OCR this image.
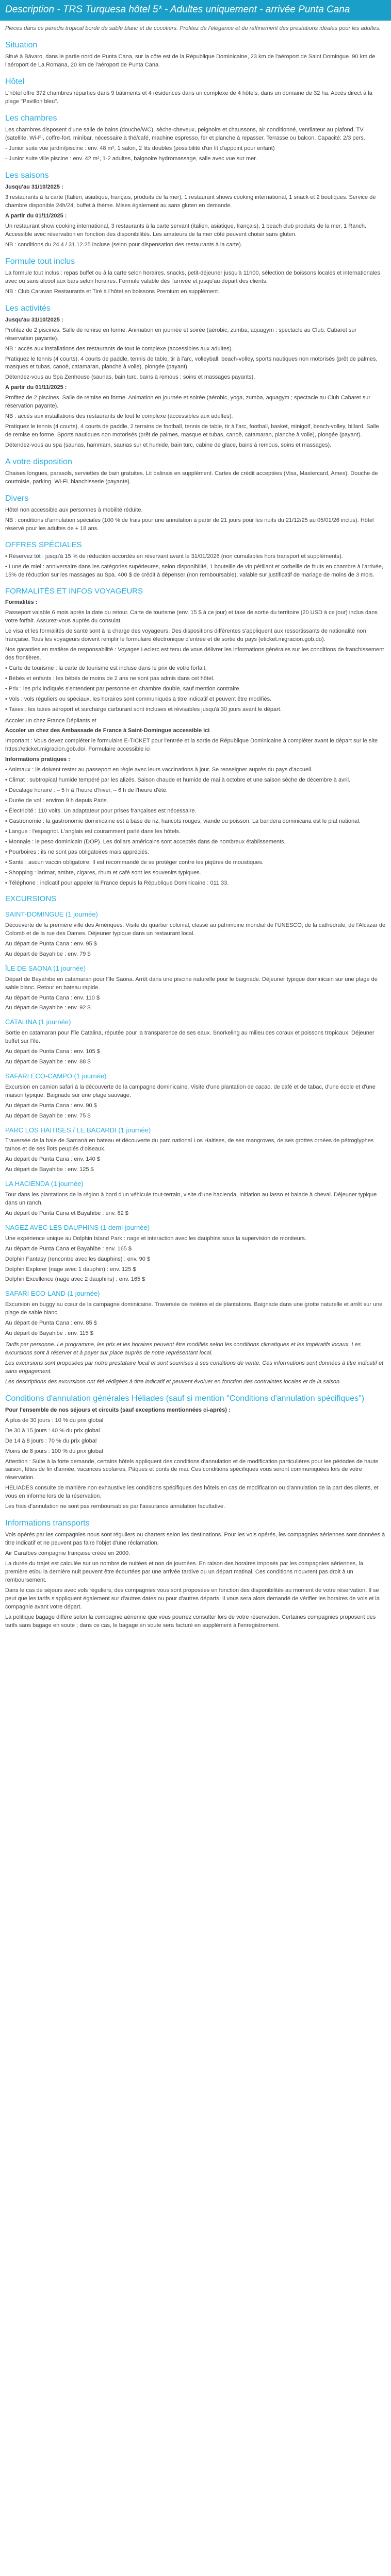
Description - TRS Turquesa hôtel 5* - Adultes uniquement - arrivée Punta Cana

Pièces dans ce paradis tropical bordé de sable blanc et de cocotiers. Profitez de l'élégance et du raffinement des prestations idéales pour les adultes.

Situation

Situé à Bávaro, dans le partie nord de Punta Cana, sur la côte est de la République Dominicaine, 23 km de l'aéroport de Saint Domingue. 90 km de l'aéroport de La Romana, 20 km de l'aéroport de Punta Cana.

Hôtel

L'hôtel offre 372 chambres réparties dans 9 bâtiments et 4 résidences dans un complexe de 4 hôtels, dans un domaine de 32 ha. Accès direct à la plage "Pavillon bleu".

Les chambres

Les chambres disposent d'une salle de bains (douche/WC), sèche-cheveux, peignoirs et chaussons, air conditionné, ventilateur au plafond, TV (satellite, Wi-Fi, coffre-fort, minibar, nécessaire à thé/café, machine espresso, fer et planche à repasser. Terrasse ou balcon. Capacité: 2/3 pers.

- Junior suite vue jardin/piscine : env. 48 m², 1 salon, 2 lits doubles (possibilité d'un lit d'appoint pour enfant)

- Junior suite ville piscine : env. 42 m², 1-2 adultes, balgnoire hydromassage, salle avec vue sur mer.

Les saisons

Jusqu'au 31/10/2025 :

3 restaurants à la carte (Italien, asiatique, français, produits de la mer), 1 restaurant shows cooking international, 1 snack et 2 boutiques. Service de chambre disponible 24h/24, buffet à thème. Mises également au sans gluten en demande.

A partir du 01/11/2025 :

Un restaurant show cooking international, 3 restaurants à la carte servant (italien, asiatique, français), 1 beach club produits de la mer, 1 Ranch. Accessible avec réservation en fonction des disponibilités. Les amateurs de la mer côté peuvent choisir sans gluten.

NB : conditions du 24.4 / 31.12.25 incluse (selon pour dispensation des restaurants à la carte).

Formule tout inclus

La formule tout inclus : repas buffet ou à la carte selon horaires, snacks, petit-déjeuner jusqu'à 11h00, sélection de boissons locales et internationales avec ou sans alcool aux bars selon horaires. Formule valable dès l'arrivée et jusqu'au départ des clients.

NB : Club Caravan Restaurants et Tiré à l'hôtel en boissons Premium en supplément.

Les activités

Jusqu'au 31/10/2025 :

Profitez de 2 piscines. Salle de remise en forme. Animation en journée et soirée (aérobic, zumba, aquagym : spectacle au Club. Cabaret sur réservation payante).

NB : accès aux installations des restaurants de tout le complexe (accessibles aux adultes).

Pratiquez le tennis (4 courts), 4 courts de paddle, tennis de table, tir à l'arc, volleyball, beach-volley, sports nautiques non motorisés (prêt de palmes, masques et tubas, canoë, catamaran, planche à voile), plongée (payant).

Détendez-vous au Spa Zenhouse (saunas, bain turc, bains à remous : soins et massages payants).

A partir du 01/11/2025 :

Profitez de 2 piscines. Salle de remise en forme. Animation en journée et soirée (aérobic, yoga, zumba, aquagym ; spectacle au Club Cabaret sur réservation payante).

NB : accès aux installations des restaurants de tout le complexe (accessibles aux adultes).

Pratiquez le tennis (4 courts), 4 courts de paddle, 2 terrains de football, tennis de table, tir à l'arc, football, basket, minigolf, beach-volley, billard. Salle de remise en forme. Sports nautiques non motorisés (prêt de palmes, masque et tubas, canoë, catamaran, planche à voile), plongée (payant).

Détendez-vous au spa (saunas, hammam, saunas sur et humide, bain turc, cabine de glace, bains à remous, soins et massages).

A votre disposition

Chaises longues, parasols, serviettes de bain gratuites. Lit balinais en supplément. Cartes de crédit acceptées (Visa, Mastercard, Amex). Douche de courtoisie, parking. Wi-Fi. blanchisserie (payante).

Divers

Hôtel non accessible aux personnes à mobilité réduite.

NB : conditions d'annulation spéciales (100 % de frais pour une annulation à partir de 21 jours pour les nuits du 21/12/25 au 05/01/26 inclus). Hôtel réservé pour les adultes de + 18 ans.

OFFRES SPÉCIALES

• Réservez tôt : jusqu'à 15 % de réduction accordés en réservant avant le 31/01/2026 (non cumulables hors transport et suppléments).

• Lune de miel : anniversaire dans les catégories supérieures, selon disponibilité, 1 bouteille de vin pétillant et corbeille de fruits en chambre à l'arrivée, 15% de réduction sur les massages au Spa. 400 $ de crédit à dépenser (non remboursable), valable sur justificatif de mariage de moins de 3 mois.

FORMALITÉS ET INFOS VOYAGEURS

Formalités :

Passeport valable 6 mois après la date du retour. Carte de tourisme (env. 15 $ à ce jour) et taxe de sortie du territoire (20 USD à ce jour) inclus dans votre forfait. Assurez-vous auprès du consulat.

Le visa et les formalités de santé sont à la charge des voyageurs. Des dispositions différentes s'appliquent aux ressortissants de nationalité non française. Tous les voyageurs doivent remplir le formulaire électronique d'entrée et de sortie du pays (eticket.migracion.gob.do).

Nos garanties en matière de responsabilité : Voyages Leclerc est tenu de vous délivrer les informations générales sur les conditions de franchissement des frontières.

• Carte de tourisme : la carte de tourisme est incluse dans le prix de votre forfait.

• Bébés et enfants : les bébés de moins de 2 ans ne sont pas admis dans cet hôtel.

• Prix : les prix indiqués s'entendent par personne en chambre double, sauf mention contraire.

• Vols : vols réguliers ou spéciaux, les horaires sont communiqués à titre indicatif et peuvent être modifiés.

• Taxes : les taxes aéroport et surcharge carburant sont incluses et révisables jusqu'à 30 jours avant le départ.

Accoler un chez France Dépliants et

Accoler un chez des Ambassade de France à Saint-Domingue accessible ici

Important : Vous devez compléter le formulaire E-TICKET pour l'entrée et la sortie de République Dominicaine à compléter avant le départ sur le site https://eticket.migracion.gob.do/. Formulaire accessible ici

Informations pratiques :

• Animaux : ils doivent rester au passeport en règle avec leurs vaccinations à jour. Se renseigner auprès du pays d'accueil.

• Climat : subtropical humide tempéré par les alizés. Saison chaude et humide de mai à octobre et une saison sèche de décembre à avril.

• Décalage horaire : – 5 h à l'heure d'hiver, – 6 h de l'heure d'été.

• Durée de vol : environ 9 h depuis Paris.

• Électricité : 110 volts. Un adaptateur pour prises françaises est nécessaire.

• Gastronomie : la gastronomie dominicaine est à base de riz, haricots rouges, viande ou poisson. La bandera dominicana est le plat national.

• Langue : l'espagnol. L'anglais est couramment parlé dans les hôtels.

• Monnaie : le peso dominicain (DOP). Les dollars américains sont acceptés dans de nombreux établissements.

• Pourboires : ils ne sont pas obligatoires mais appréciés.

• Santé : aucun vaccin obligatoire. Il est recommandé de se protéger contre les piqûres de moustiques.

• Shopping : larimar, ambre, cigares, rhum et café sont les souvenirs typiques.

• Téléphone : indicatif pour appeler la France depuis la République Dominicaine : 011 33.

EXCURSIONS
SAINT-DOMINGUE (1 journée)

Découverte de la première ville des Amériques. Visite du quartier colonial, classé au patrimoine mondial de l'UNESCO, de la cathédrale, de l'Alcazar de Colomb et de la rue des Dames. Déjeuner typique dans un restaurant local.

Au départ de Punta Cana : env. 95 $

Au départ de Bayahibe : env. 79 $

ÎLE DE SAONA (1 journée)

Départ de Bayahibe en catamaran pour l'île Saona. Arrêt dans une piscine naturelle pour le baignade. Déjeuner typique dominicain sur une plage de sable blanc. Retour en bateau rapide.

Au départ de Punta Cana : env. 110 $

Au départ de Bayahibe : env. 92 $

CATALINA (1 journée)

Sortie en catamaran pour l'île Catalina, réputée pour la transparence de ses eaux. Snorkeling au milieu des coraux et poissons tropicaux. Déjeuner buffet sur l'île.

Au départ de Punta Cana : env. 105 $

Au départ de Bayahibe : env. 88 $

SAFARI ECO-CAMPO (1 journée)

Excursion en camion safari à la découverte de la campagne dominicaine. Visite d'une plantation de cacao, de café et de tabac, d'une école et d'une maison typique. Baignade sur une plage sauvage.

Au départ de Punta Cana : env. 90 $

Au départ de Bayahibe : env. 75 $

PARC LOS HAITISES / LE BACARDI (1 journée)

Traversée de la baie de Samaná en bateau et découverte du parc national Los Haitises, de ses mangroves, de ses grottes ornées de pétroglyphes taïnos et de ses îlots peuplés d'oiseaux.

Au départ de Punta Cana : env. 140 $

Au départ de Bayahibe : env. 125 $

LA HACIENDA (1 journée)

Tour dans les plantations de la région à bord d'un véhicule tout-terrain, visite d'une hacienda, initiation au lasso et balade à cheval. Déjeuner typique dans un ranch.

Au départ de Punta Cana et Bayahibe : env. 82 $

NAGEZ AVEC LES DAUPHINS (1 demi-journée)

Une expérience unique au Dolphin Island Park : nage et interaction avec les dauphins sous la supervision de moniteurs.

Au départ de Punta Cana et Bayahibe : env. 165 $

Dolphin Fantasy (rencontre avec les dauphins) : env. 90 $

Dolphin Explorer (nage avec 1 dauphin) : env. 125 $

Dolphin Excellence (nage avec 2 dauphins) : env. 165 $

SAFARI ECO-LAND (1 journée)

Excursion en buggy au cœur de la campagne dominicaine. Traversée de rivières et de plantations. Baignade dans une grotte naturelle et arrêt sur une plage de sable blanc.

Au départ de Punta Cana : env. 85 $

Au départ de Bayahibe : env. 115 $

Tarifs par personne. Le programme, les prix et les horaires peuvent être modifiés selon les conditions climatiques et les impératifs locaux. Les excursions sont à réserver et à payer sur place auprès de notre représentant local.

Les excursions sont proposées par notre prestataire local et sont soumises à ses conditions de vente. Ces informations sont données à titre indicatif et sans engagement.

Les descriptions des excursions ont été rédigées à titre indicatif et peuvent évoluer en fonction des contraintes locales et de la saison.

Conditions d'annulation générales Héliades (sauf si mention "Conditions d'annulation spécifiques")

Pour l'ensemble de nos séjours et circuits (sauf exceptions mentionnées ci-après) :

A plus de 30 jours : 10 % du prix global

De 30 à 15 jours : 40 % du prix global

De 14 à 8 jours : 70 % du prix global

Moins de 8 jours : 100 % du prix global

Attention : Suite à la forte demande, certains hôtels appliquent des conditions d'annulation et de modification particulières pour les périodes de haute saison, fêtes de fin d'année, vacances scolaires, Pâques et ponts de mai. Ces conditions spécifiques vous seront communiquées lors de votre réservation.

HELIADES consulte de manière non exhaustive les conditions spécifiques des hôtels en cas de modification ou d'annulation de la part des clients, et vous en informe lors de la réservation.

Les frais d'annulation ne sont pas remboursables par l'assurance annulation facultative.

Informations transports

Vols opérés par les compagnies nous sont réguliers ou charters selon les destinations. Pour les vols opérés, les compagnies aériennes sont données à titre indicatif et ne peuvent pas faire l'objet d'une réclamation.

Air Caraïbes compagnie française créée en 2000.

La durée du trajet est calculée sur un nombre de nuitées et non de journées. En raison des horaires imposés par les compagnies aériennes, la première et/ou la dernière nuit peuvent être écourtées par une arrivée tardive ou un départ matinal. Ces conditions n'ouvrent pas droit à un remboursement.

Dans le cas de séjours avec vols réguliers, des compagnies vous sont proposées en fonction des disponibilités au moment de votre réservation. Il se peut que les tarifs s'appliquent également sur d'autres dates ou pour d'autres départs. Il vous sera alors demandé de vérifier les horaires de vols et la compagnie avant votre départ.

La politique bagage diffère selon la compagnie aérienne que vous pourrez consulter lors de votre réservation. Certaines compagnies proposent des tarifs sans bagage en soute ; dans ce cas, le bagage en soute sera facturé en supplément à l'enregistrement.
